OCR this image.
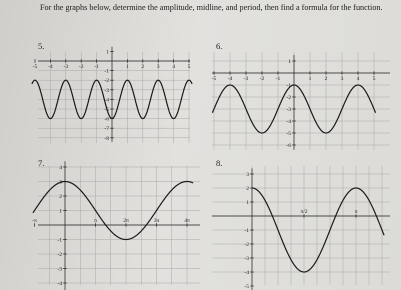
For the graphs below, determine the amplitude, midline, and period, then find a formula for the function.
5.	6.
7.	8.
-5 -4 -3 -2 -1	1 2 3 4 5
1
-1
-2
-3
-4
-5
-6
-7
-8
-5 -4 -3 -2 -1	1 2 3 4 5
1
-1
-2
-3
-4
-5
-6
-π	π	2π	3π	4π
4
3
2
1
-1
-2
-3
-4
π/2	π
3
2
1
-1
-2
-3
-4
-5
